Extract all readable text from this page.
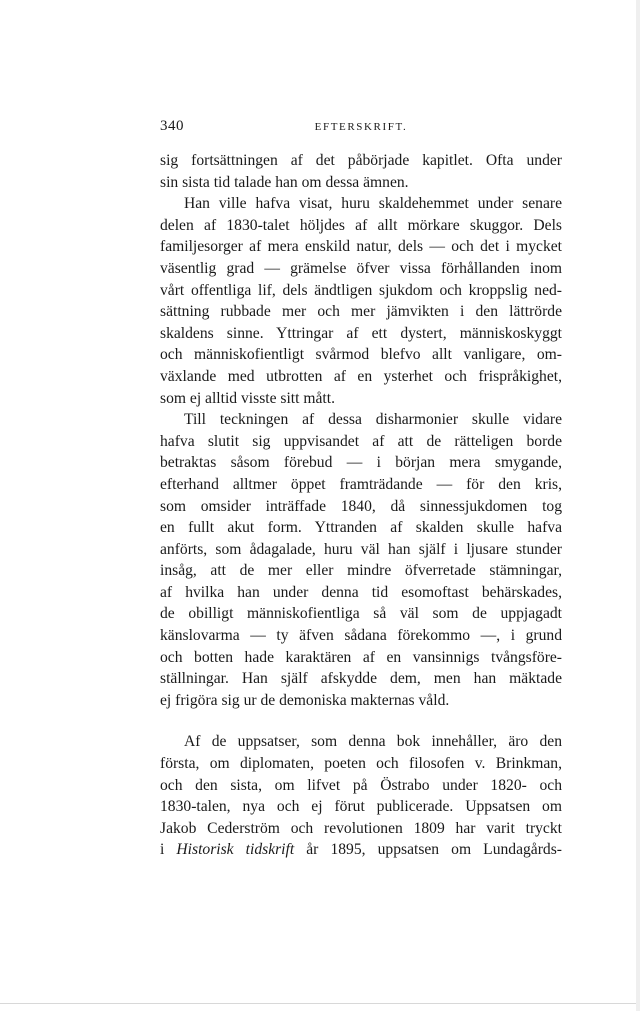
340	EFTERSKRIFT.
sig fortsättningen af det påbörjade kapitlet. Ofta under
sin sista tid talade han om dessa ämnen.
Han ville hafva visat, huru skaldehemmet under senare
delen af 1830-talet höljdes af allt mörkare skuggor. Dels
familjesorger af mera enskild natur, dels — och det i mycket
väsentlig grad — grämelse öfver vissa förhållanden inom
vårt offentliga lif, dels ändtligen sjukdom och kroppslig ned-
sättning rubbade mer och mer jämvikten i den lättrörde
skaldens sinne. Yttringar af ett dystert, människoskyggt
och människofientligt svårmod blefvo allt vanligare, om-
växlande med utbrotten af en ysterhet och frispråkighet,
som ej alltid visste sitt mått.
Till teckningen af dessa disharmonier skulle vidare
hafva slutit sig uppvisandet af att de rätteligen borde
betraktas såsom förebud — i början mera smygande,
efterhand alltmer öppet framträdande — för den kris,
som omsider inträffade 1840, då sinnessjukdomen tog
en fullt akut form. Yttranden af skalden skulle hafva
anförts, som ådagalade, huru väl han själf i ljusare stunder
insåg, att de mer eller mindre öfverretade stämningar,
af hvilka han under denna tid esomoftast behärskades,
de obilligt människofientliga så väl som de uppjagadt
känslovarma — ty äfven sådana förekommo —, i grund
och botten hade karaktären af en vansinnigs tvångsföre-
ställningar. Han själf afskydde dem, men han mäktade
ej frigöra sig ur de demoniska makternas våld.
Af de uppsatser, som denna bok innehåller, äro den
första, om diplomaten, poeten och filosofen v. Brinkman,
och den sista, om lifvet på Östrabo under 1820- och
1830-talen, nya och ej förut publicerade. Uppsatsen om
Jakob Cederström och revolutionen 1809 har varit tryckt
i Historisk tidskrift år 1895, uppsatsen om Lundagårds-
